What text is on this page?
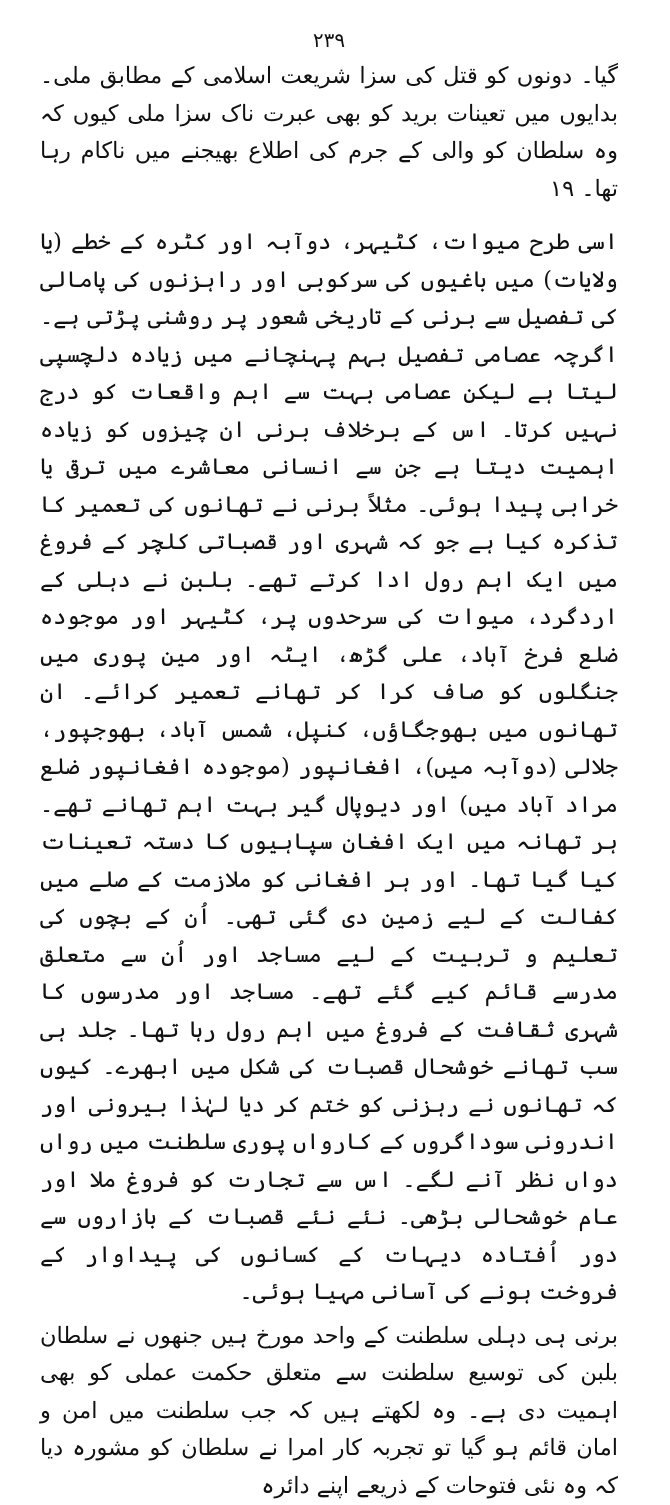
۲۳۹

گیا۔ دونوں کو قتل کی سزا شریعت اسلامی کے مطابق ملی۔ بدایوں میں تعینات برید کو بھی عبرت ناک سزا ملی کیوں کہ وہ سلطان کو والی کے جرم کی اطلاع بھیجنے میں ناکام رہا تھا۔ ۱۹

اسی طرح میوات، کٹیہر، دوآبہ اور کٹرہ کے خطے (یا ولایات) میں باغیوں کی سرکوبی اور راہزنوں کی پامالی کی تفصیل سے برنی کے تاریخی شعور پر روشنی پڑتی ہے۔ اگرچہ عصامی تفصیل بہم پہنچانے میں زیادہ دلچسپی لیتا ہے لیکن عصامی بہت سے اہم واقعات کو درج نہیں کرتا۔ اس کے برخلاف برنی ان چیزوں کو زیادہ اہمیت دیتا ہے جن سے انسانی معاشرے میں ترقی یا خرابی پیدا ہوئی۔ مثلاً برنی نے تھانوں کی تعمیر کا تذکرہ کیا ہے جو کہ شہری اور قصباتی کلچر کے فروغ میں ایک اہم رول ادا کرتے تھے۔ بلبن نے دہلی کے اردگرد، میوات کی سرحدوں پر، کٹیہر اور موجودہ ضلع فرخ آباد، علی گڑھ، ایٹہ اور مین پوری میں جنگلوں کو صاف کرا کر تھانے تعمیر کرائے۔ ان تھانوں میں بھوجگاؤں، کنپل، شمس آباد، بھوجپور، جلالی (دوآبہ میں)، افغانپور (موجودہ افغانپور ضلع مراد آباد میں) اور دیوپال گیر بہت اہم تھانے تھے۔ ہر تھانہ میں ایک افغان سپاہیوں کا دستہ تعینات کیا گیا تھا۔ اور ہر افغانی کو ملازمت کے صلے میں کفالت کے لیے زمین دی گئی تھی۔ اُن کے بچوں کی تعلیم و تربیت کے لیے مساجد اور اُن سے متعلق مدرسے قائم کیے گئے تھے۔ مساجد اور مدرسوں کا شہری ثقافت کے فروغ میں اہم رول رہا تھا۔ جلد ہی سب تھانے خوشحال قصبات کی شکل میں ابھرے۔ کیوں کہ تھانوں نے رہزنی کو ختم کر دیا لہٰذا بیرونی اور اندرونی سوداگروں کے کارواں پوری سلطنت میں رواں دواں نظر آنے لگے۔ اس سے تجارت کو فروغ ملا اور عام خوشحالی بڑھی۔ نئے نئے قصبات کے بازاروں سے دور اُفتادہ دیہات کے کسانوں کی پیداوار کے فروخت ہونے کی آسانی مہیا ہوئی۔

برنی ہی دہلی سلطنت کے واحد مورخ ہیں جنھوں نے سلطان بلبن کی توسیع سلطنت سے متعلق حکمت عملی کو بھی اہمیت دی ہے۔ وہ لکھتے ہیں کہ جب سلطنت میں امن و امان قائم ہو گیا تو تجربہ کار امرا نے سلطان کو مشورہ دیا کہ وہ نئی فتوحات کے ذریعے اپنے دائرہ
